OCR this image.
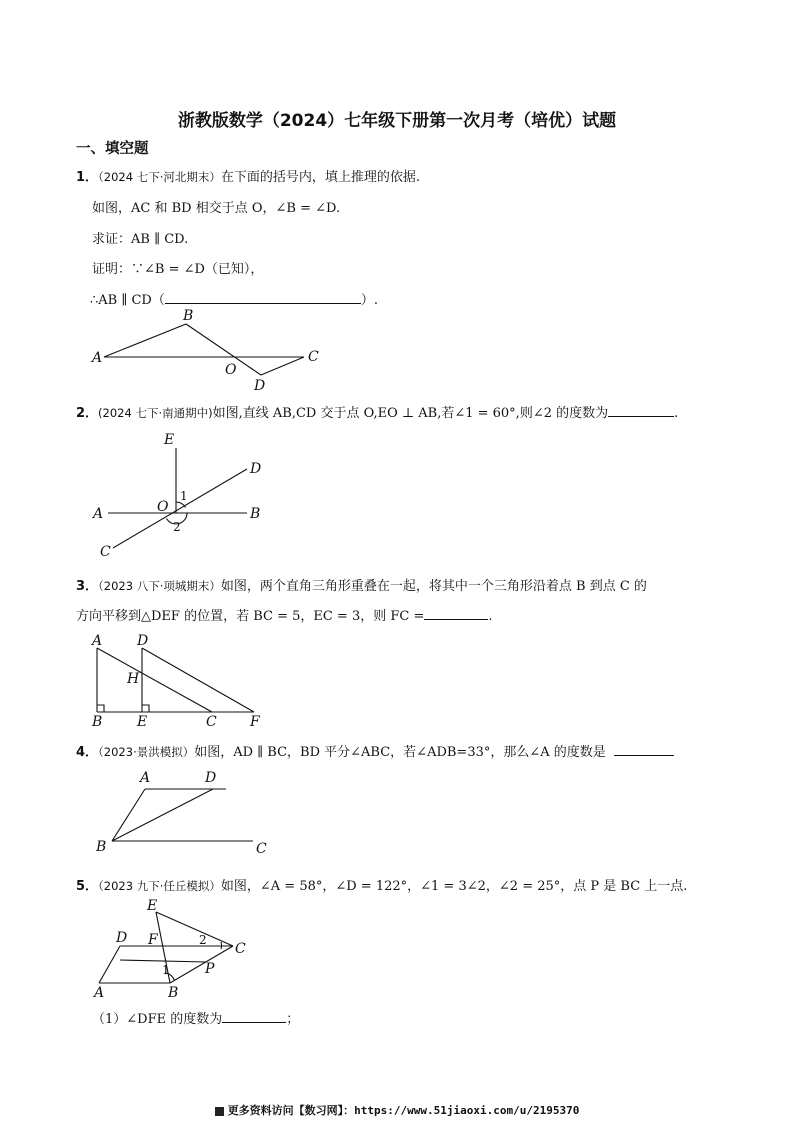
浙教版数学（2024）七年级下册第一次月考（培优）试题
一、填空题
1．（2024 七下·河北期末）在下面的括号内，填上推理的依据.
如图，AC 和 BD 相交于点 O，∠B = ∠D.
求证：AB ∥ CD.
证明：∵∠B = ∠D（已知），
∴AB ∥ CD（	）.
A
B
C
D
O
2．(2024 七下·南通期中)如图,直线 AB,CD 交于点 O,EO ⊥ AB,若∠1 = 60°,则∠2 的度数为	.
E
D
A	O	B
C
1
2
3．（2023 八下·项城期末）如图，两个直角三角形重叠在一起，将其中一个三角形沿着点 B 到点 C 的
方向平移到△DEF 的位置，若 BC = 5，EC = 3，则 FC =	.
A D
H
B E	C F
4．（2023·景洪模拟）如图，AD ∥ BC，BD 平分∠ABC，若∠ADB=33°，那么∠A 的度数是
A	D
B	C
5．（2023 九下·任丘模拟）如图，∠A = 58°，∠D = 122°，∠1 = 3∠2，∠2 = 25°，点 P 是 BC 上一点.
E
D F	2
C
1	P
A	B
（1）∠DFE 的度数为	；
更多资料访问【数习网】：https://www.51jiaoxi.com/u/2195370
